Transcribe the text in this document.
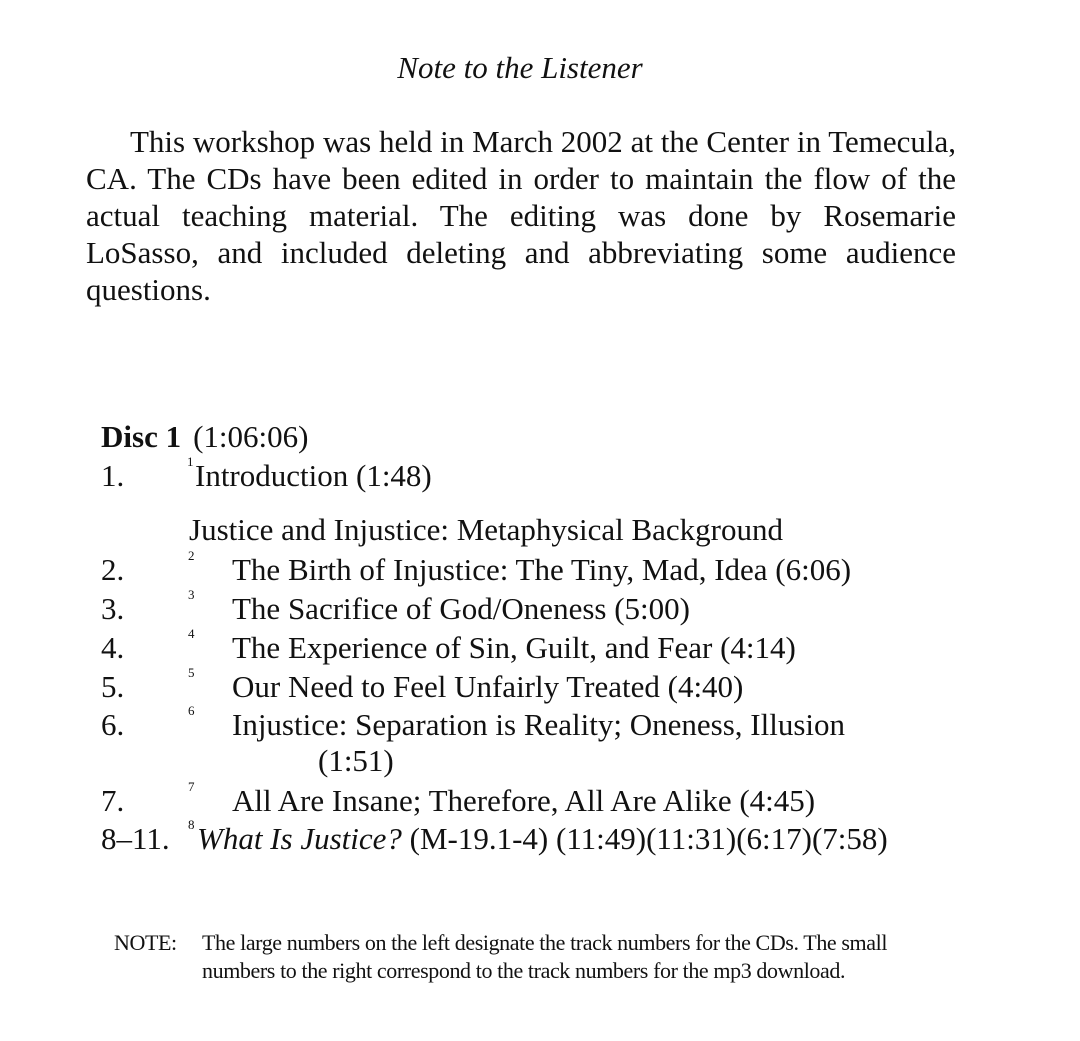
Note to the Listener

This workshop was held in March 2002 at the Center in Temecula, CA. The CDs have been edited in order to maintain the flow of the actual teaching material. The editing was done by Rosemarie LoSasso, and included deleting and abbreviating some audience questions.

Disc 1 (1:06:06)
1.	1 Introduction (1:48)
Justice and Injustice: Metaphysical Background
2.	2 The Birth of Injustice: The Tiny, Mad, Idea (6:06)
3.	3 The Sacrifice of God/Oneness (5:00)
4.	4 The Experience of Sin, Guilt, and Fear (4:14)
5.	5 Our Need to Feel Unfairly Treated (4:40)
6.	6 Injustice: Separation is Reality; Oneness, Illusion
(1:51)
7.	7 All Are Insane; Therefore, All Are Alike (4:45)
8–11. 8 What Is Justice? (M-19.1-4) (11:49)(11:31)(6:17)(7:58)
NOTE: The large numbers on the left designate the track numbers for the CDs. The small
numbers to the right correspond to the track numbers for the mp3 download.
